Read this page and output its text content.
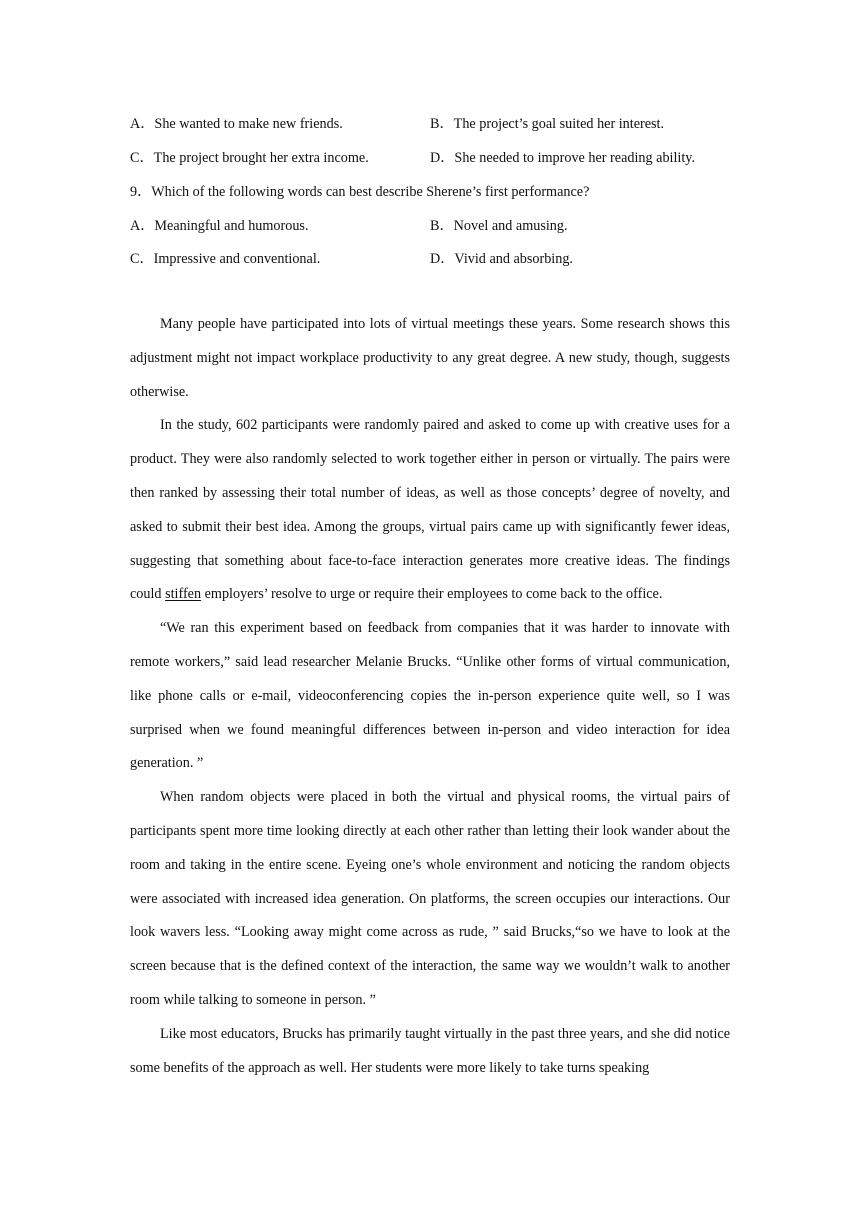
A．She wanted to make new friends.	B．The project’s goal suited her interest.
C．The project brought her extra income.	D．She needed to improve her reading ability.
9．Which of the following words can best describe Sherene’s first performance?
A．Meaningful and humorous.	B．Novel and amusing.
C．Impressive and conventional.	D．Vivid and absorbing.

Many people have participated into lots of virtual meetings these years. Some research shows this adjustment might not impact workplace productivity to any great degree. A new study, though, suggests otherwise.

In the study, 602 participants were randomly paired and asked to come up with creative uses for a product. They were also randomly selected to work together either in person or virtually. The pairs were then ranked by assessing their total number of ideas, as well as those concepts’ degree of novelty, and asked to submit their best idea. Among the groups, virtual pairs came up with significantly fewer ideas, suggesting that something about face-to-face interaction generates more creative ideas. The findings could stiffen employers’ resolve to urge or require their employees to come back to the office.

“We ran this experiment based on feedback from companies that it was harder to innovate with remote workers,” said lead researcher Melanie Brucks. “Unlike other forms of virtual communication, like phone calls or e-mail, videoconferencing copies the in-person experience quite well, so I was surprised when we found meaningful differences between in-person and video interaction for idea generation. ”

When random objects were placed in both the virtual and physical rooms, the virtual pairs of participants spent more time looking directly at each other rather than letting their look wander about the room and taking in the entire scene. Eyeing one’s whole environment and noticing the random objects were associated with increased idea generation. On platforms, the screen occupies our interactions. Our look wavers less. “Looking away might come across as rude, ” said Brucks,“so we have to look at the screen because that is the defined context of the interaction, the same way we wouldn’t walk to another room while talking to someone in person. ”

Like most educators, Brucks has primarily taught virtually in the past three years, and she did notice some benefits of the approach as well. Her students were more likely to take turns speaking
